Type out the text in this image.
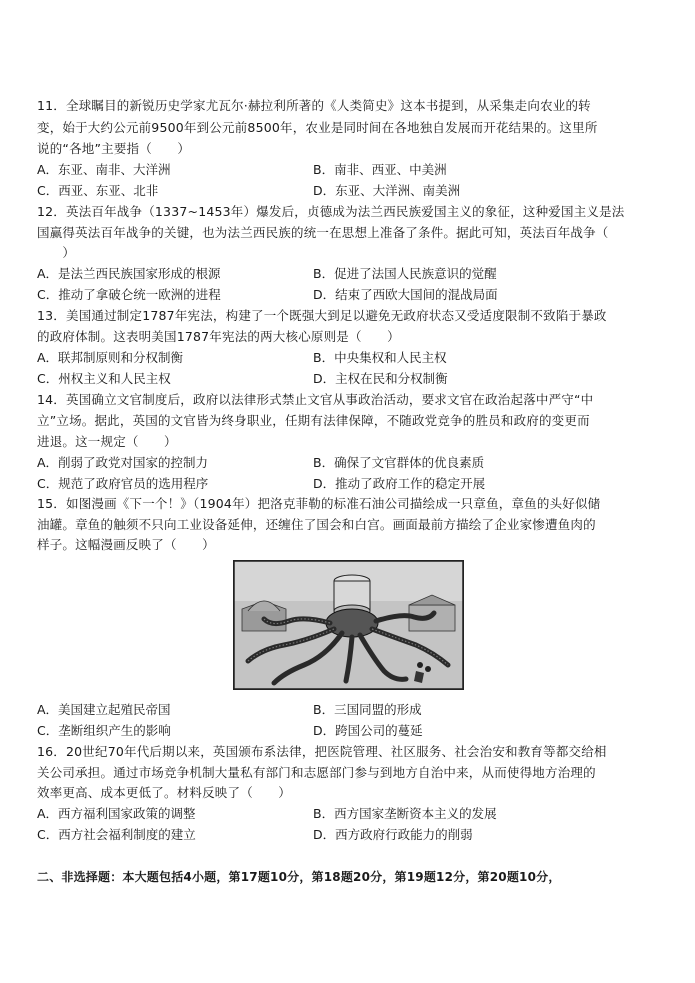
11．全球瞩目的新锐历史学家尤瓦尔·赫拉利所著的《人类简史》这本书提到，从采集走向农业的转
变，始于大约公元前9500年到公元前8500年，农业是同时间在各地独自发展而开花结果的。这里所
说的“各地”主要指（　　）
A．东亚、南非、大洋洲	B．南非、西亚、中美洲
C．西亚、东亚、北非	D．东亚、大洋洲、南美洲
12．英法百年战争（1337~1453年）爆发后，贞德成为法兰西民族爱国主义的象征，这种爱国主义是法
国赢得英法百年战争的关键，也为法兰西民族的统一在思想上准备了条件。据此可知，英法百年战争（
　　）
A．是法兰西民族国家形成的根源	B．促进了法国人民族意识的觉醒
C．推动了拿破仑统一欧洲的进程	D．结束了西欧大国间的混战局面
13．美国通过制定1787年宪法，构建了一个既强大到足以避免无政府状态又受适度限制不致陷于暴政
的政府体制。这表明美国1787年宪法的两大核心原则是（　　）
A．联邦制原则和分权制衡	B．中央集权和人民主权
C．州权主义和人民主权	D．主权在民和分权制衡
14．英国确立文官制度后，政府以法律形式禁止文官从事政治活动，要求文官在政治起落中严守“中
立”立场。据此，英国的文官皆为终身职业，任期有法律保障，不随政党竞争的胜员和政府的变更而
进退。这一规定（　　）
A．削弱了政党对国家的控制力	B．确保了文官群体的优良素质
C．规范了政府官员的选用程序	D．推动了政府工作的稳定开展
15．如图漫画《下一个！》（1904年）把洛克菲勒的标准石油公司描绘成一只章鱼，章鱼的头好似储
油罐。章鱼的触须不只向工业设备延伸，还缠住了国会和白宫。画面最前方描绘了企业家惨遭鱼肉的
样子。这幅漫画反映了（　　）
A．美国建立起殖民帝国	B．三国同盟的形成
C．垄断组织产生的影响	D．跨国公司的蔓延
16．20世纪70年代后期以来，英国颁布系法律，把医院管理、社区服务、社会治安和教育等都交给相
关公司承担。通过市场竞争机制大量私有部门和志愿部门参与到地方自治中来，从而使得地方治理的
效率更高、成本更低了。材料反映了（　　）
A．西方福利国家政策的调整	B．西方国家垄断资本主义的发展
C．西方社会福利制度的建立	D．西方政府行政能力的削弱
二、非选择题：本大题包括4小题，第17题10分，第18题20分，第19题12分，第20题10分，
